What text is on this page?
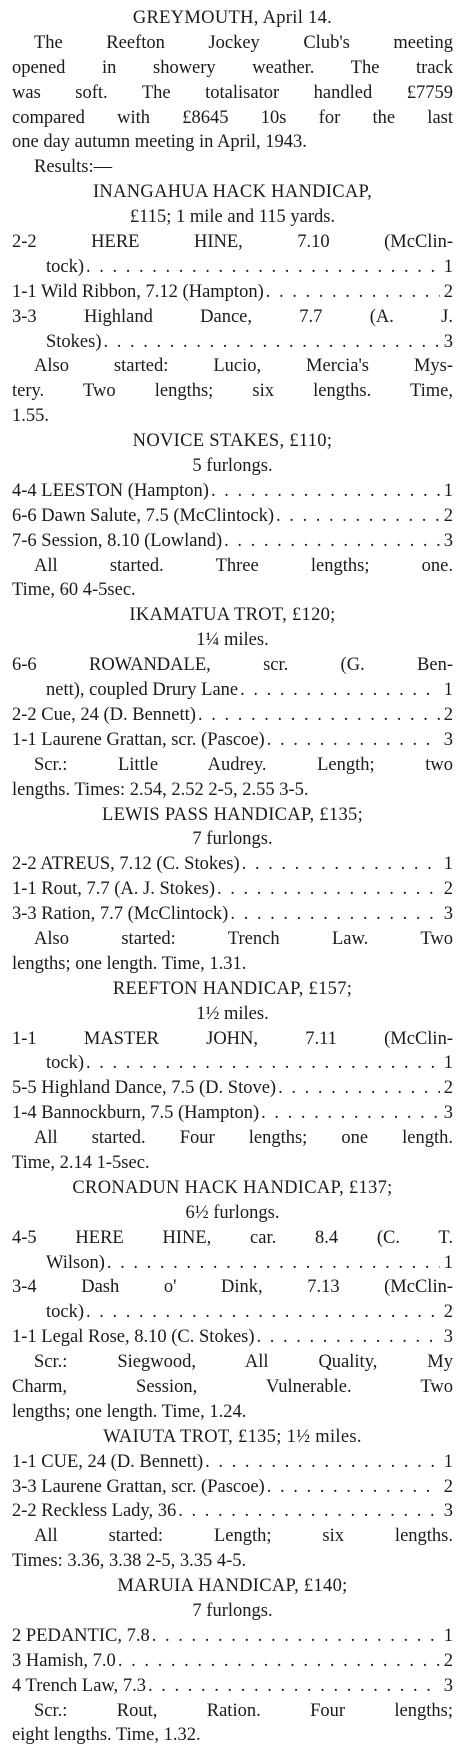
GREYMOUTH, April 14.
The Reefton Jockey Club's meeting
opened in showery weather. The track
was soft. The totalisator handled £7759
compared with £8645 10s for the last
one day autumn meeting in April, 1943.
Results:—
INANGAHUA HACK HANDICAP,
£115; 1 mile and 115 yards.
2-2 HERE HINE, 7.10 (McClin-
tock) . . .	1
1-1 Wild Ribbon, 7.12 (Hampton) . . .	2
3-3 Highland Dance, 7.7 (A. J.
Stokes) . . .	3
Also started: Lucio, Mercia's Mys-
tery. Two lengths; six lengths. Time,
1.55.
NOVICE STAKES, £110;
5 furlongs.
4-4 LEESTON (Hampton) . . .	1
6-6 Dawn Salute, 7.5 (McClintock) . . .	2
7-6 Session, 8.10 (Lowland) . . .	3
All started. Three lengths; one.
Time, 60 4-5sec.
IKAMATUA TROT, £120;
1¼ miles.
6-6 ROWANDALE, scr. (G. Ben-
nett), coupled Drury Lane . . .	1
2-2 Cue, 24 (D. Bennett) . . .	2
1-1 Laurene Grattan, scr. (Pascoe) . . .	3
Scr.: Little Audrey. Length; two
lengths. Times: 2.54, 2.52 2-5, 2.55 3-5.
LEWIS PASS HANDICAP, £135;
7 furlongs.
2-2 ATREUS, 7.12 (C. Stokes) . . .	1
1-1 Rout, 7.7 (A. J. Stokes) . . .	2
3-3 Ration, 7.7 (McClintock) . . .	3
Also started: Trench Law. Two
lengths; one length. Time, 1.31.
REEFTON HANDICAP, £157;
1½ miles.
1-1 MASTER JOHN, 7.11 (McClin-
tock) . . .	1
5-5 Highland Dance, 7.5 (D. Stove) . . .	2
1-4 Bannockburn, 7.5 (Hampton) . . .	3
All started. Four lengths; one length.
Time, 2.14 1-5sec.
CRONADUN HACK HANDICAP, £137;
6½ furlongs.
4-5 HERE HINE, car. 8.4 (C. T.
Wilson) . . .	1
3-4 Dash o' Dink, 7.13 (McClin-
tock) . . .	2
1-1 Legal Rose, 8.10 (C. Stokes) . . .	3
Scr.: Siegwood, All Quality, My
Charm, Session, Vulnerable. Two
lengths; one length. Time, 1.24.
WAIUTA TROT, £135; 1½ miles.
1-1 CUE, 24 (D. Bennett) . . .	1
3-3 Laurene Grattan, scr. (Pascoe) . . .	2
2-2 Reckless Lady, 36 . . .	3
All started: Length; six lengths.
Times: 3.36, 3.38 2-5, 3.35 4-5.
MARUIA HANDICAP, £140;
7 furlongs.
2 PEDANTIC, 7.8 . . .	1
3 Hamish, 7.0 . . .	2
4 Trench Law, 7.3 . . .	3
Scr.: Rout, Ration. Four lengths;
eight lengths. Time, 1.32.
